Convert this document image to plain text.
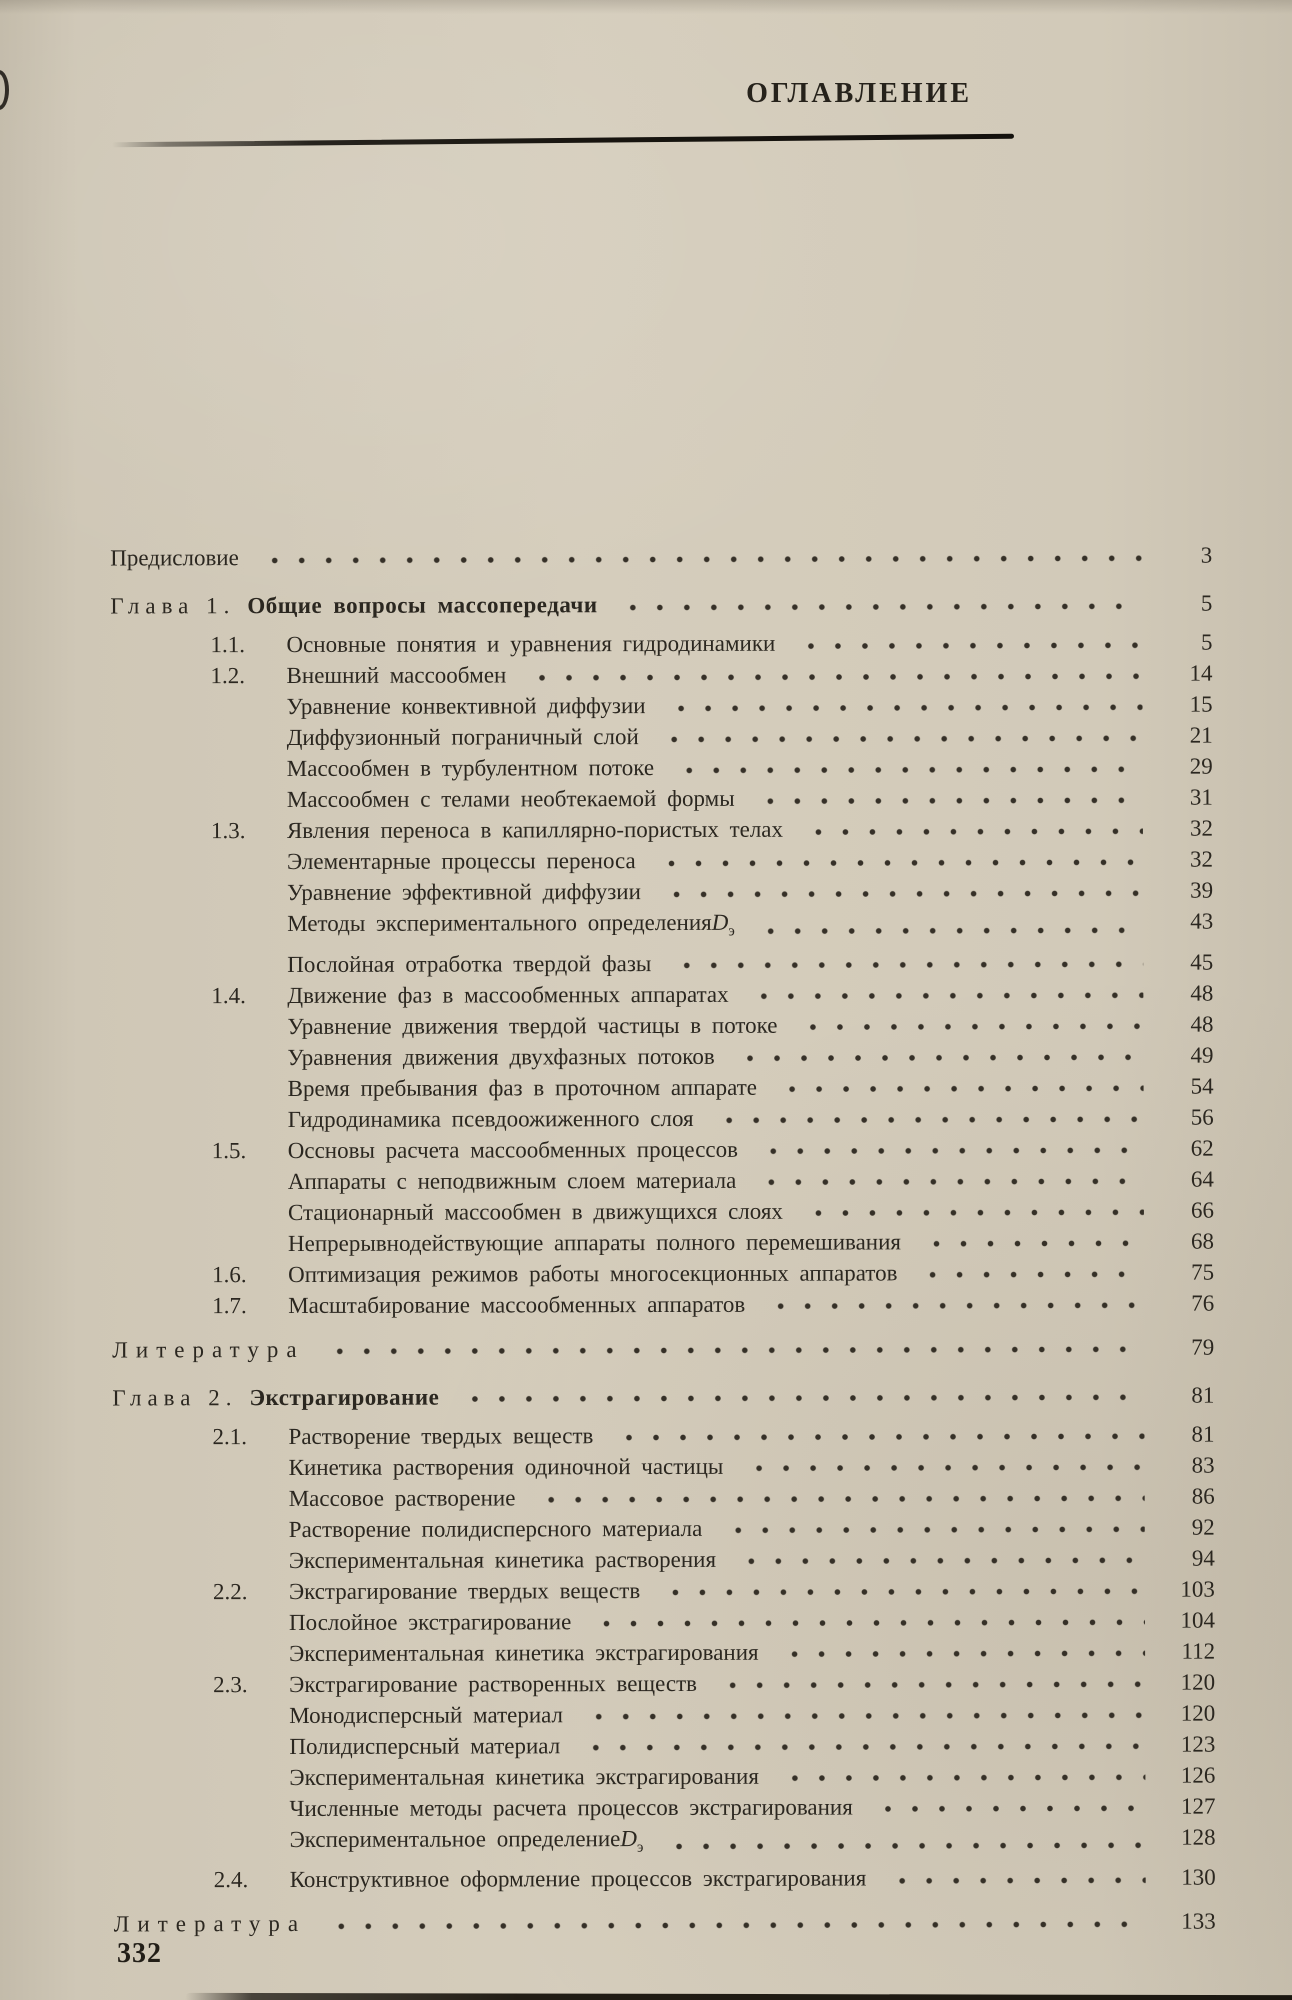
ОГЛАВЛЕНИЕ
Предисловие	3
Глава 1. Общие вопросы массопередачи	5
1.1.	Основные понятия и уравнения гидродинамики	5
1.2.	Внешний массообмен	14
Уравнение конвективной диффузии	15
Диффузионный пограничный слой	21
Массообмен в турбулентном потоке	29
Массообмен с телами необтекаемой формы	31
1.3.	Явления переноса в капиллярно-пористых телах	32
Элементарные процессы переноса	32
Уравнение эффективной диффузии	39
Методы экспериментального определения $D_э$	43
Послойная отработка твердой фазы	45
1.4.	Движение фаз в массообменных аппаратах	48
Уравнение движения твердой частицы в потоке	48
Уравнения движения двухфазных потоков	49
Время пребывания фаз в проточном аппарате	54
Гидродинамика псевдоожиженного слоя	56
1.5.	Оссновы расчета массообменных процессов	62
Аппараты с неподвижным слоем материала	64
Стационарный массообмен в движущихся слоях	66
Непрерывнодействующие аппараты полного перемешивания	68
1.6.	Оптимизация режимов работы многосекционных аппаратов	75
1.7.	Масштабирование массообменных аппаратов	76
Литература	79
Глава 2. Экстрагирование	81
2.1.	Растворение твердых веществ	81
Кинетика растворения одиночной частицы	83
Массовое растворение	86
Растворение полидисперсного материала	92
Экспериментальная кинетика растворения	94
2.2.	Экстрагирование твердых веществ	103
Послойное экстрагирование	104
Экспериментальная кинетика экстрагирования	112
2.3.	Экстрагирование растворенных веществ	120
Монодисперсный материал	120
Полидисперсный материал	123
Экспериментальная кинетика экстрагирования	126
Численные методы расчета процессов экстрагирования	127
Экспериментальное определение $D_э$	128
2.4.	Конструктивное оформление процессов экстрагирования	130
Литература	133
332
